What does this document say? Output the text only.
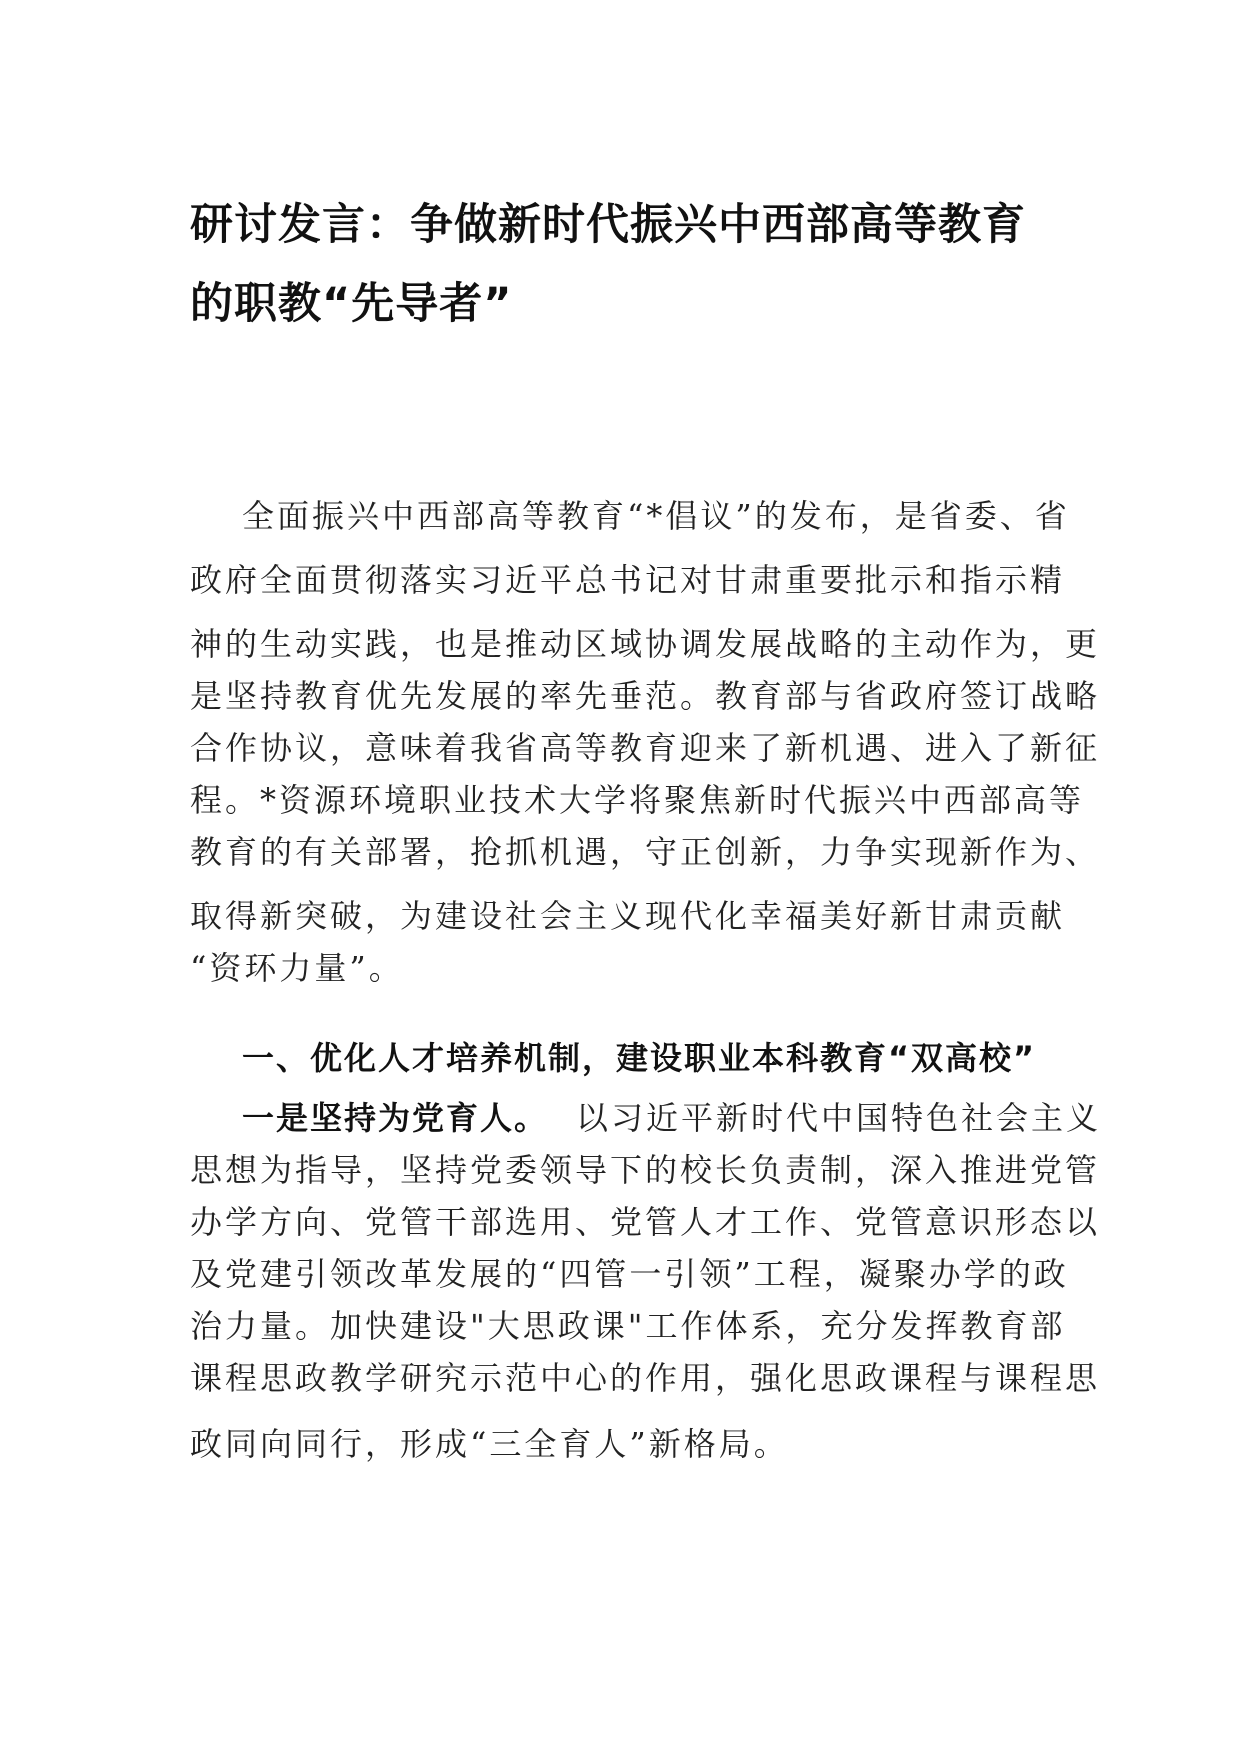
研讨发言：争做新时代振兴中西部高等教育
的职教“先导者”
全面振兴中西部高等教育“*倡议”的发布，是省委、省
政府全面贯彻落实习近平总书记对甘肃重要批示和指示精
神的生动实践，也是推动区域协调发展战略的主动作为，更
是坚持教育优先发展的率先垂范。教育部与省政府签订战略
合作协议，意味着我省高等教育迎来了新机遇、进入了新征
程。*资源环境职业技术大学将聚焦新时代振兴中西部高等
教育的有关部署，抢抓机遇，守正创新，力争实现新作为、
取得新突破，为建设社会主义现代化幸福美好新甘肃贡献
“资环力量”。
一、优化人才培养机制，建设职业本科教育“双高校”
一是坚持为党育人。 以习近平新时代中国特色社会主义
思想为指导，坚持党委领导下的校长负责制，深入推进党管
办学方向、党管干部选用、党管人才工作、党管意识形态以
及党建引领改革发展的“四管一引领”工程，凝聚办学的政
治力量。加快建设"大思政课"工作体系，充分发挥教育部
课程思政教学研究示范中心的作用，强化思政课程与课程思
政同向同行，形成“三全育人”新格局。
